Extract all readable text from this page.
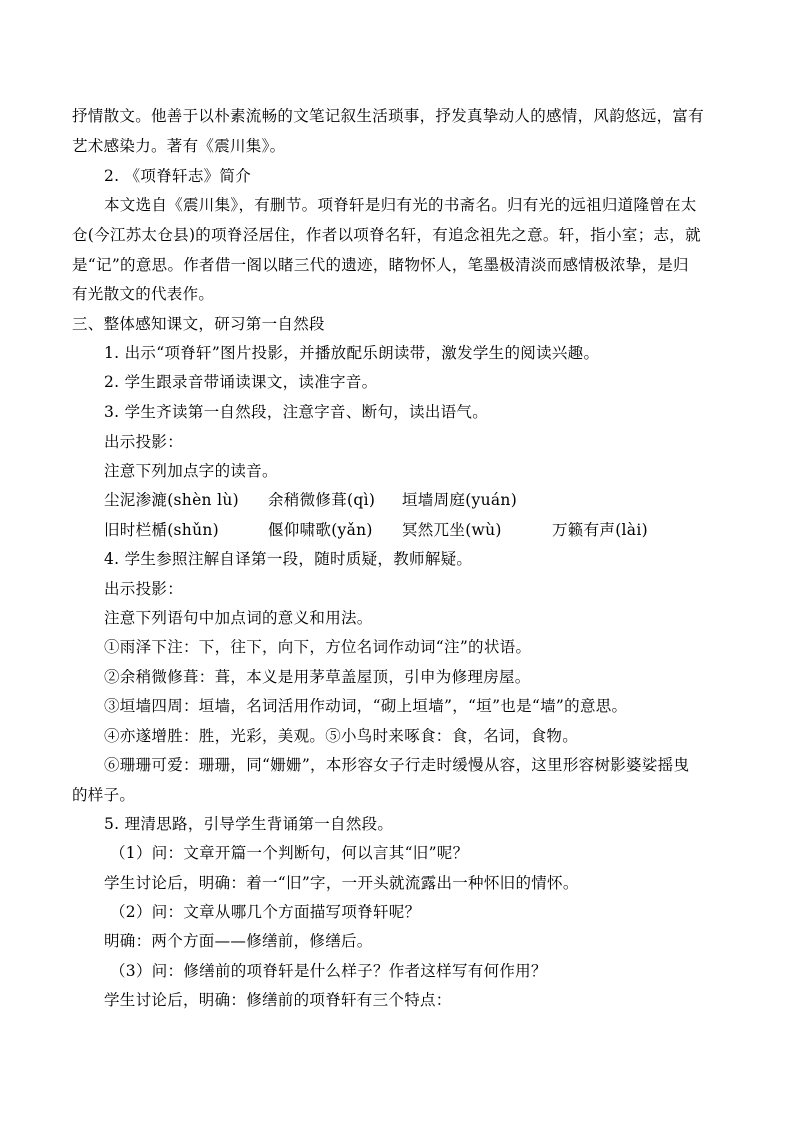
抒情散文。他善于以朴素流畅的文笔记叙生活琐事，抒发真挚动人的感情，风韵悠远，富有
艺术感染力。著有《震川集》。
2. 《项脊轩志》简介
本文选自《震川集》，有删节。项脊轩是归有光的书斋名。归有光的远祖归道隆曾在太
仓(今江苏太仓县)的项脊泾居住，作者以项脊名轩，有追念祖先之意。轩，指小室；志，就
是“记”的意思。作者借一阁以睹三代的遗迹，睹物怀人，笔墨极清淡而感情极浓挚，是归
有光散文的代表作。
三、整体感知课文，研习第一自然段
1. 出示“项脊轩”图片投影，并播放配乐朗读带，激发学生的阅读兴趣。
2. 学生跟录音带诵读课文，读准字音。
3. 学生齐读第一自然段，注意字音、断句，读出语气。
出示投影：
注意下列加点字的读音。
尘泥渗漉(shèn lù) 余稍微修葺(qì) 垣墙周庭(yuán)
旧时栏楯(shǔn)	偃仰啸歌(yǎn) 冥然兀坐(wù)	万籁有声(lài)
4. 学生参照注解自译第一段，随时质疑，教师解疑。
出示投影：
注意下列语句中加点词的意义和用法。
①雨泽下注：下，往下，向下，方位名词作动词“注”的状语。
②余稍微修葺：葺，本义是用茅草盖屋顶，引申为修理房屋。
③垣墙四周：垣墙，名词活用作动词，“砌上垣墙”，“垣”也是“墙”的意思。
④亦遂增胜：胜，光彩，美观。⑤小鸟时来啄食：食，名词，食物。
⑥珊珊可爱：珊珊，同“姗姗”，本形容女子行走时缓慢从容，这里形容树影婆娑摇曳
的样子。
5. 理清思路，引导学生背诵第一自然段。
（1）问：文章开篇一个判断句，何以言其“旧”呢？
学生讨论后，明确：着一“旧”字，一开头就流露出一种怀旧的情怀。
（2）问：文章从哪几个方面描写项脊轩呢？
明确：两个方面——修缮前，修缮后。
（3）问：修缮前的项脊轩是什么样子？作者这样写有何作用？
学生讨论后，明确：修缮前的项脊轩有三个特点：
